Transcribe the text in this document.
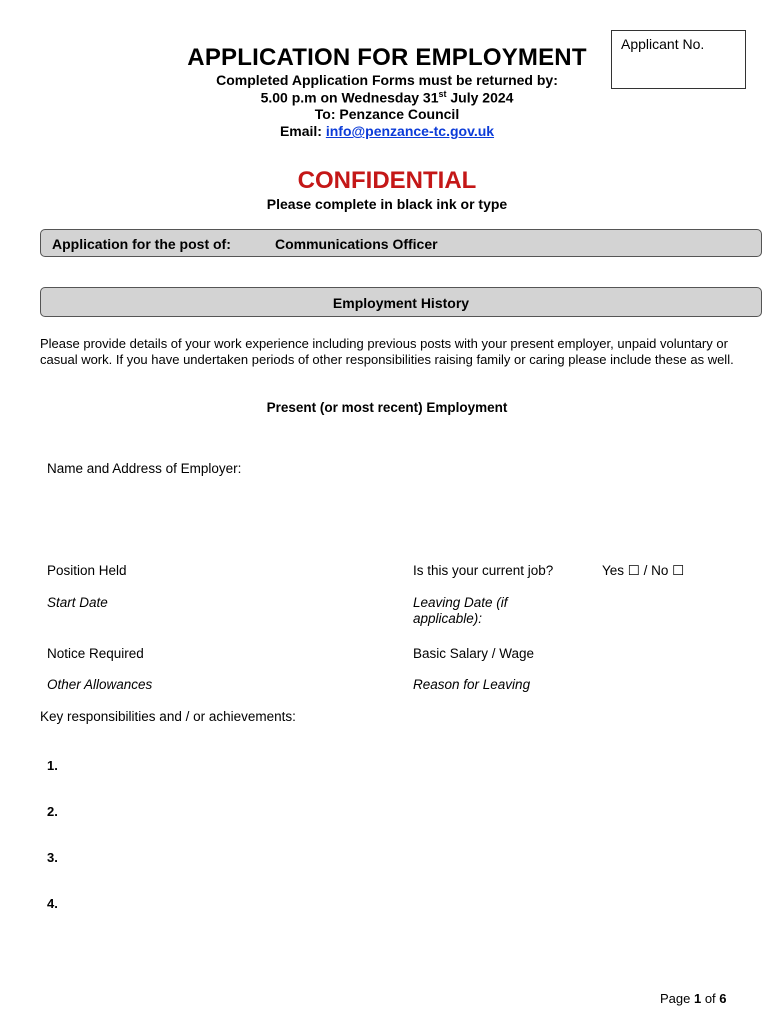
Applicant No.
APPLICATION FOR EMPLOYMENT
Completed Application Forms must be returned by:
5.00 p.m on Wednesday 31st July 2024
To: Penzance Council
Email: info@penzance-tc.gov.uk
CONFIDENTIAL
Please complete in black ink or type
Application for the post of:	Communications Officer
Employment History
Please provide details of your work experience including previous posts with your present employer, unpaid voluntary or casual work. If you have undertaken periods of other responsibilities raising family or caring please include these as well.
Present (or most recent) Employment
Name and Address of Employer:
Position Held	Is this your current job?	Yes ☐ / No ☐
Start Date	Leaving Date (if applicable):
Notice Required	Basic Salary / Wage
Other Allowances	Reason for Leaving
Key responsibilities and / or achievements:
1.
2.
3.
4.
Page 1 of 6
